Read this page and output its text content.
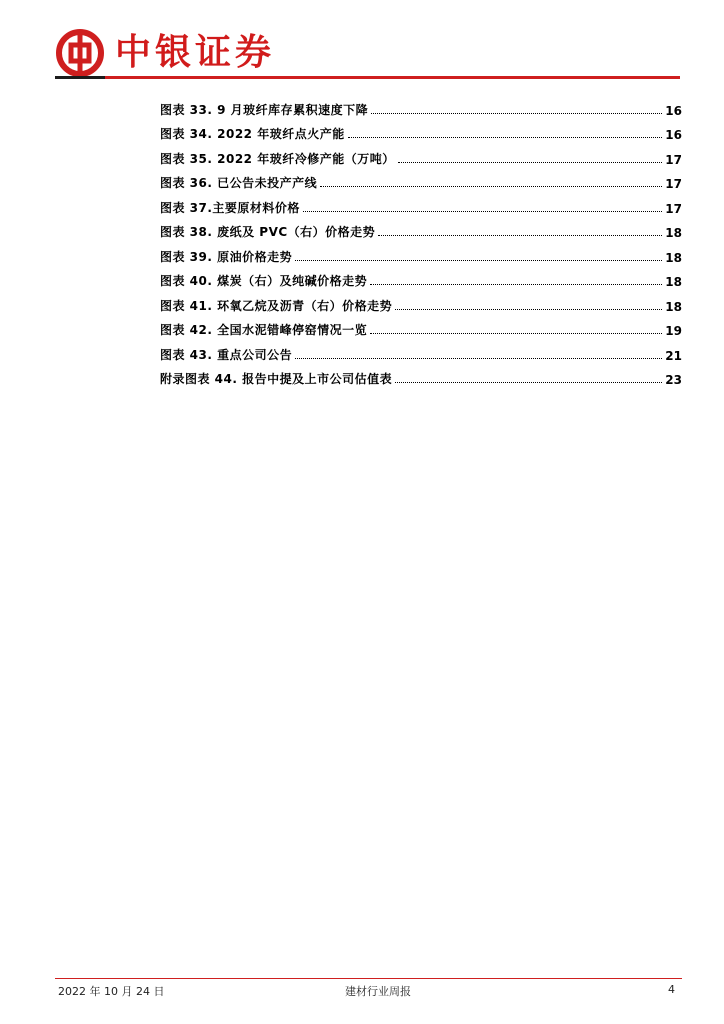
中银证券
图表 33. 9 月玻纤库存累积速度下降	16
图表 34. 2022 年玻纤点火产能	16
图表 35. 2022 年玻纤冷修产能（万吨）	17
图表 36. 已公告未投产产线	17
图表 37.主要原材料价格	17
图表 38. 废纸及 PVC（右）价格走势	18
图表 39. 原油价格走势	18
图表 40. 煤炭（右）及纯碱价格走势	18
图表 41. 环氧乙烷及沥青（右）价格走势	18
图表 42. 全国水泥错峰停窑情况一览	19
图表 43. 重点公司公告	21
附录图表 44. 报告中提及上市公司估值表	23
2022 年 10 月 24 日	建材行业周报	4
